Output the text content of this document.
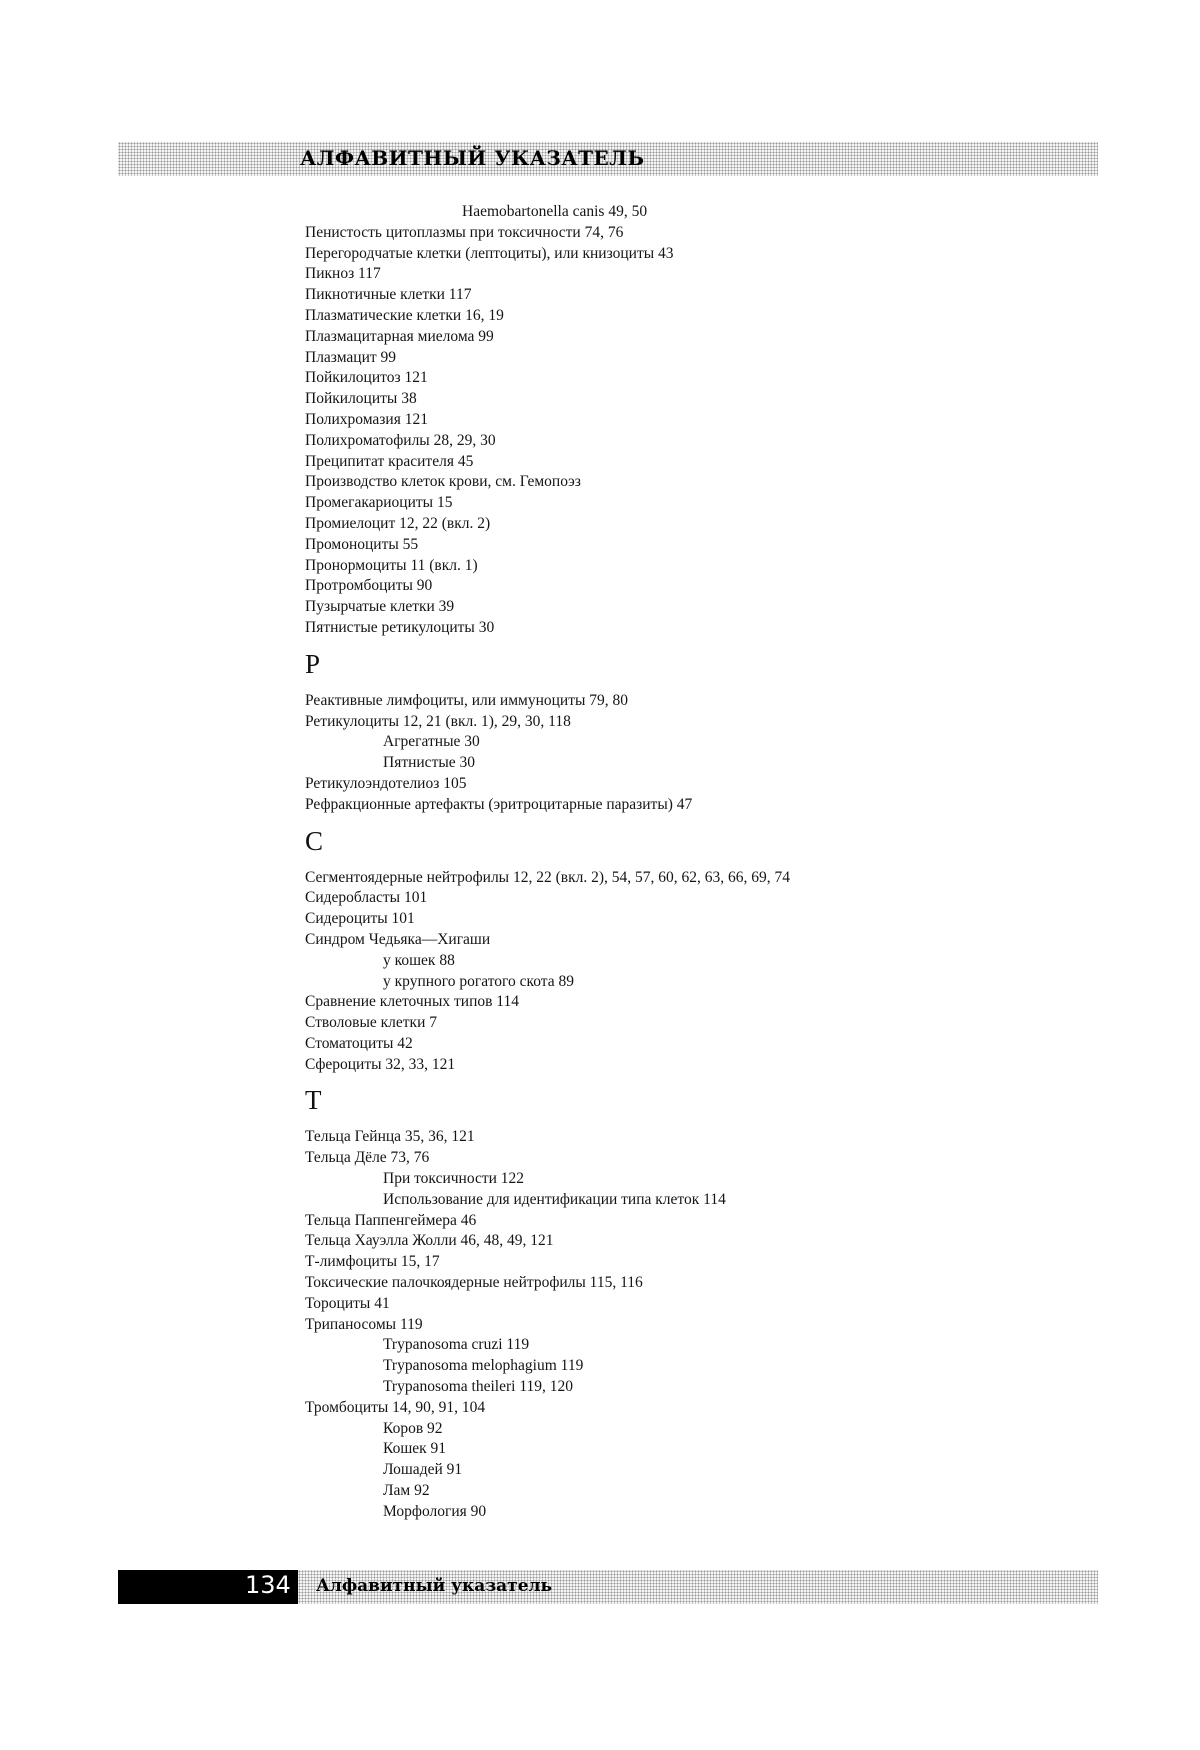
АЛФАВИТНЫЙ УКАЗАТЕЛЬ
Haemobartonella canis 49, 50
Пенистость цитоплазмы при токсичности 74, 76
Перегородчатые клетки (лептоциты), или книзоциты 43
Пикноз 117
Пикнотичные клетки 117
Плазматические клетки 16, 19
Плазмацитарная миелома 99
Плазмацит 99
Пойкилоцитоз 121
Пойкилоциты 38
Полихромазия 121
Полихроматофилы 28, 29, 30
Преципитат красителя 45
Производство клеток крови, см. Гемопоэз
Промегакариоциты 15
Промиелоцит 12, 22 (вкл. 2)
Промоноциты 55
Пронормоциты 11 (вкл. 1)
Протромбоциты 90
Пузырчатые клетки 39
Пятнистые ретикулоциты 30
Р
Реактивные лимфоциты, или иммуноциты 79, 80
Ретикулоциты 12, 21 (вкл. 1), 29, 30, 118
Агрегатные 30
Пятнистые 30
Ретикулоэндотелиоз 105
Рефракционные артефакты (эритроцитарные паразиты) 47
С
Сегментоядерные нейтрофилы 12, 22 (вкл. 2), 54, 57, 60, 62, 63, 66, 69, 74
Сидеробласты 101
Сидероциты 101
Синдром Чедьяка—Хигаши
у кошек 88
у крупного рогатого скота 89
Сравнение клеточных типов 114
Стволовые клетки 7
Стоматоциты 42
Сфероциты 32, 33, 121
Т
Тельца Гейнца 35, 36, 121
Тельца Дёле 73, 76
При токсичности 122
Использование для идентификации типа клеток 114
Тельца Паппенгеймера 46
Тельца Хауэлла Жолли 46, 48, 49, 121
Т-лимфоциты 15, 17
Токсические палочкоядерные нейтрофилы 115, 116
Тороциты 41
Трипаносомы 119
Trypanosoma cruzi 119
Trypanosoma melophagium 119
Trypanosoma theileri 119, 120
Тромбоциты 14, 90, 91, 104
Коров 92
Кошек 91
Лошадей 91
Лам 92
Морфология 90
134 Алфавитный указатель
